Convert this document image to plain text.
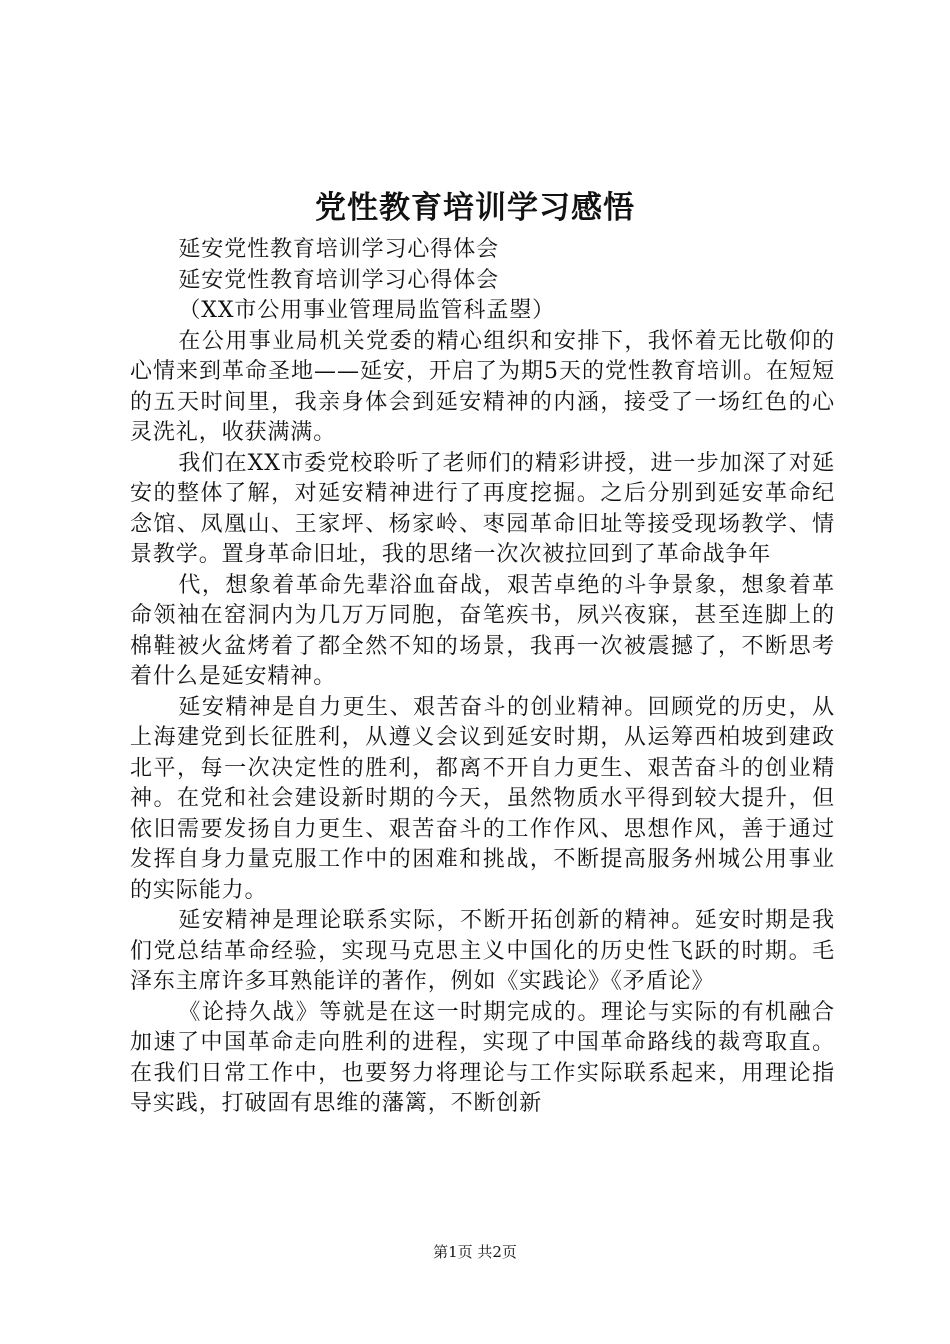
党性教育培训学习感悟

延安党性教育培训学习心得体会

延安党性教育培训学习心得体会

（XX市公用事业管理局监管科孟曌）

在公用事业局机关党委的精心组织和安排下，我怀着无比敬仰的心情来到革命圣地——延安，开启了为期5天的党性教育培训。在短短的五天时间里，我亲身体会到延安精神的内涵，接受了一场红色的心灵洗礼，收获满满。

我们在XX市委党校聆听了老师们的精彩讲授，进一步加深了对延安的整体了解，对延安精神进行了再度挖掘。之后分别到延安革命纪念馆、凤凰山、王家坪、杨家岭、枣园革命旧址等接受现场教学、情景教学。置身革命旧址，我的思绪一次次被拉回到了革命战争年

代，想象着革命先辈浴血奋战，艰苦卓绝的斗争景象，想象着革命领袖在窑洞内为几万万同胞，奋笔疾书，夙兴夜寐，甚至连脚上的棉鞋被火盆烤着了都全然不知的场景，我再一次被震撼了，不断思考着什么是延安精神。

延安精神是自力更生、艰苦奋斗的创业精神。回顾党的历史，从上海建党到长征胜利，从遵义会议到延安时期，从运筹西柏坡到建政北平，每一次决定性的胜利，都离不开自力更生、艰苦奋斗的创业精神。在党和社会建设新时期的今天，虽然物质水平得到较大提升，但依旧需要发扬自力更生、艰苦奋斗的工作作风、思想作风，善于通过发挥自身力量克服工作中的困难和挑战，不断提高服务州城公用事业的实际能力。

延安精神是理论联系实际，不断开拓创新的精神。延安时期是我们党总结革命经验，实现马克思主义中国化的历史性飞跃的时期。毛泽东主席许多耳熟能详的著作，例如《实践论》《矛盾论》

《论持久战》等就是在这一时期完成的。理论与实际的有机融合加速了中国革命走向胜利的进程，实现了中国革命路线的裁弯取直。在我们日常工作中，也要努力将理论与工作实际联系起来，用理论指导实践，打破固有思维的藩篱，不断创新

第1页 共2页
